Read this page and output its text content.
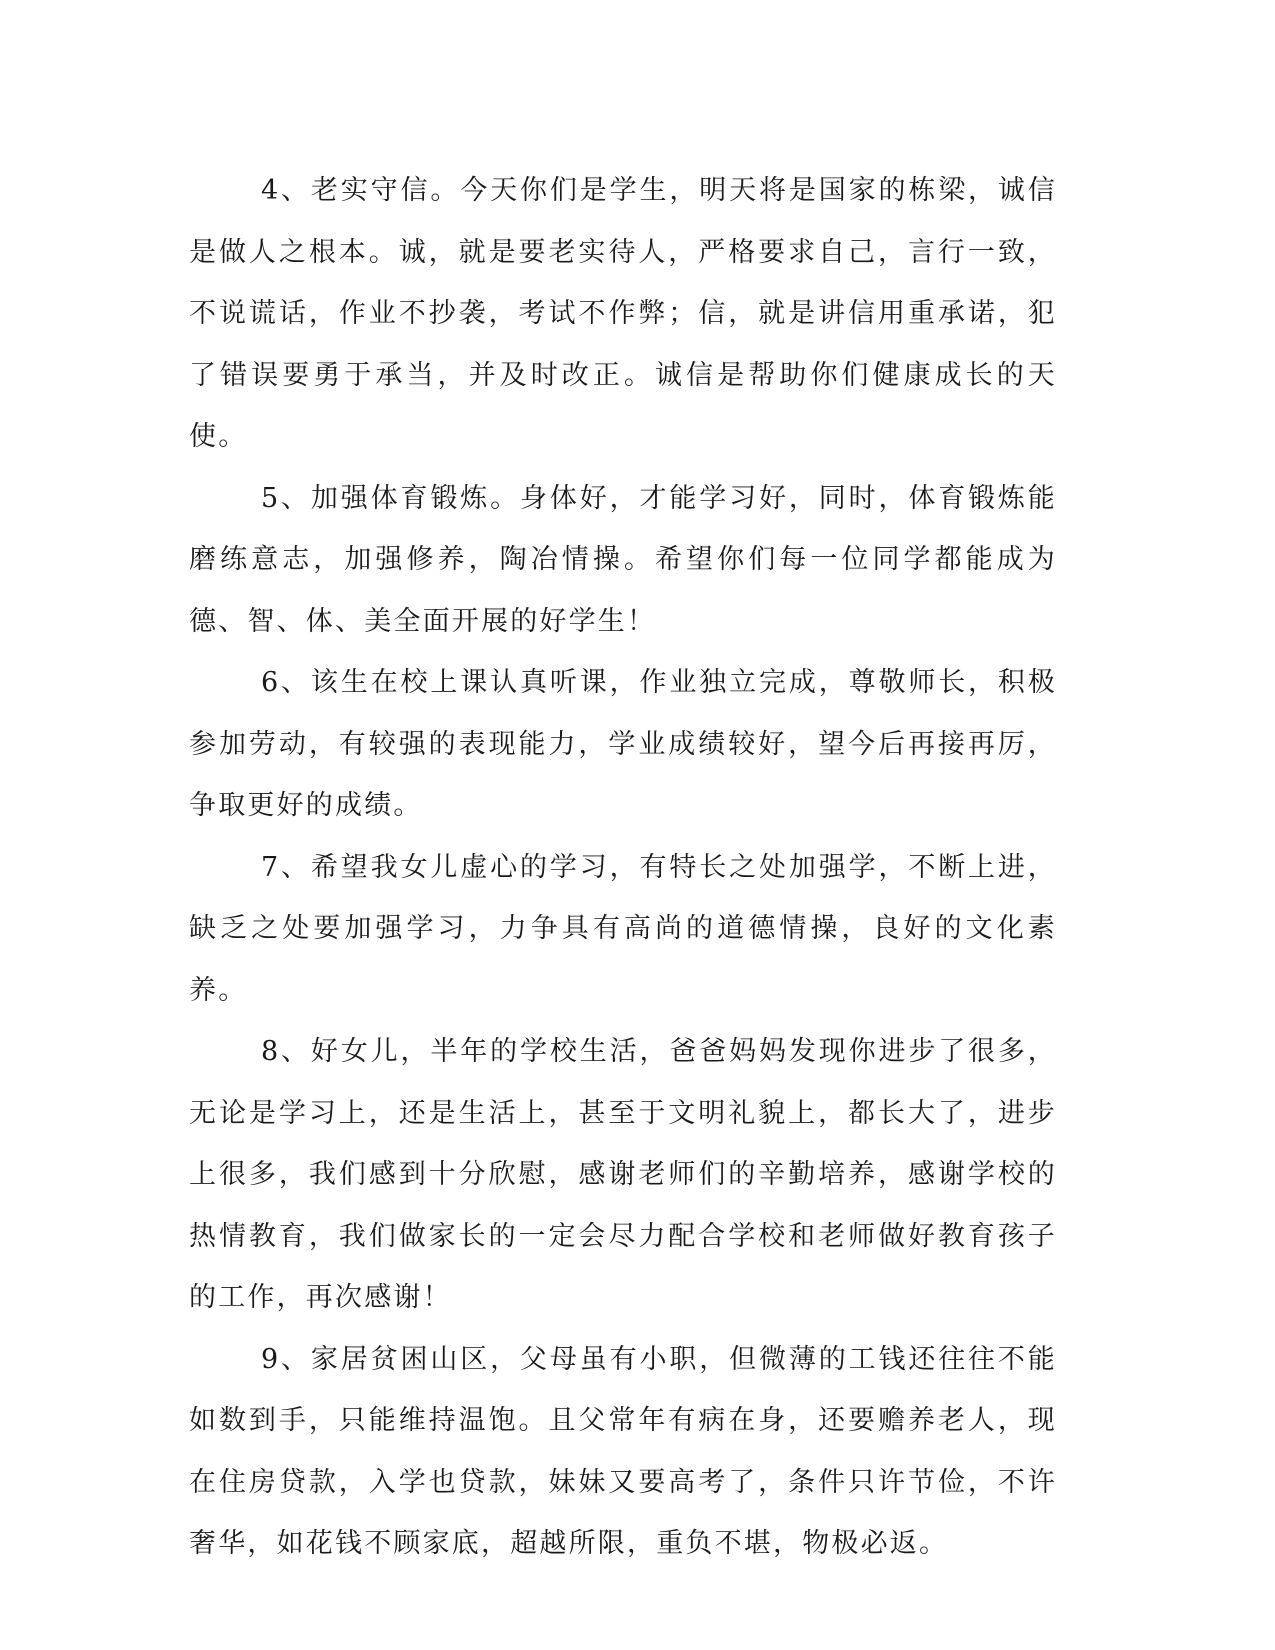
4、老实守信。今天你们是学生，明天将是国家的栋梁，诚信是做人之根本。诚，就是要老实待人，严格要求自己，言行一致，不说谎话，作业不抄袭，考试不作弊；信，就是讲信用重承诺，犯了错误要勇于承当，并及时改正。诚信是帮助你们健康成长的天使。

5、加强体育锻炼。身体好，才能学习好，同时，体育锻炼能磨练意志，加强修养，陶冶情操。希望你们每一位同学都能成为德、智、体、美全面开展的好学生！

6、该生在校上课认真听课，作业独立完成，尊敬师长，积极参加劳动，有较强的表现能力，学业成绩较好，望今后再接再厉，争取更好的成绩。

7、希望我女儿虚心的学习，有特长之处加强学，不断上进，缺乏之处要加强学习，力争具有高尚的道德情操，良好的文化素养。

8、好女儿，半年的学校生活，爸爸妈妈发现你进步了很多，无论是学习上，还是生活上，甚至于文明礼貌上，都长大了，进步上很多，我们感到十分欣慰，感谢老师们的辛勤培养，感谢学校的热情教育，我们做家长的一定会尽力配合学校和老师做好教育孩子的工作，再次感谢！

9、家居贫困山区，父母虽有小职，但微薄的工钱还往往不能如数到手，只能维持温饱。且父常年有病在身，还要赡养老人，现在住房贷款，入学也贷款，妹妹又要高考了，条件只许节俭，不许奢华，如花钱不顾家底，超越所限，重负不堪，物极必返。
